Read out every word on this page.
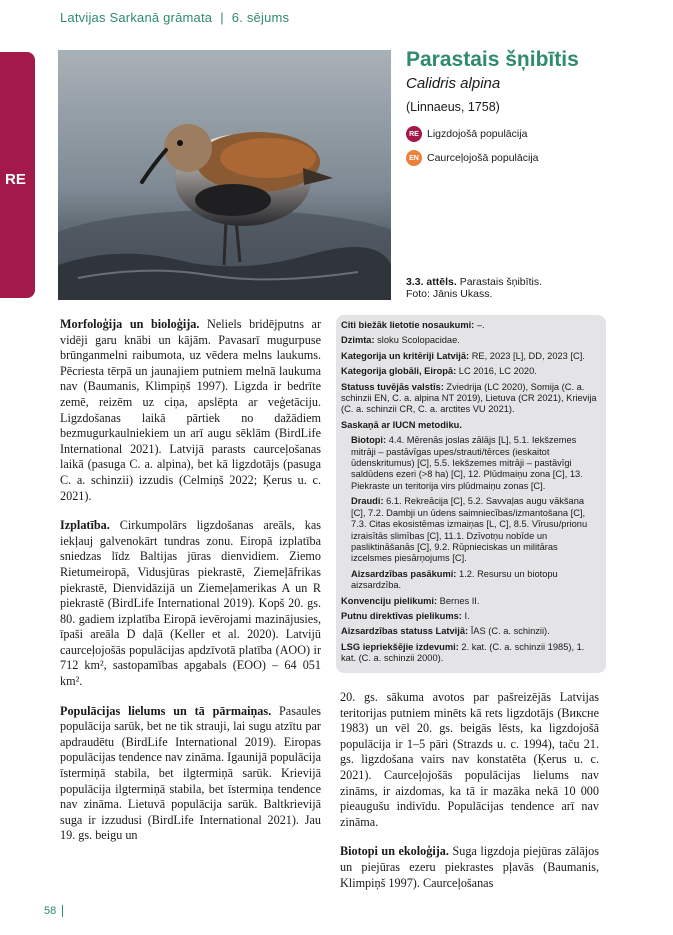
Latvijas Sarkanā grāmata | 6. sējums
RE
Parastais šņibītis
Calidris alpina
(Linnaeus, 1758)
RE Ligzdojošā populācija
EN Caurceļojošā populācija
3.3. attēls. Parastais šņibītis.
Foto: Jānis Ukass.

Morfoloģija un bioloģija. Neliels bridējputns ar vidēji garu knābi un kājām. Pavasarī mugurpuse brūnganmelni raibumota, uz vēdera melns laukums. Pēcriesta tērpā un jaunajiem putniem melnā laukuma nav (Baumanis, Klimpiņš 1997). Ligzda ir bedrīte zemē, reizēm uz ciņa, apslēpta ar veģetāciju. Ligzdošanas laikā pārtiek no dažādiem bezmugurkaulniekiem un arī augu sēklām (BirdLife International 2021). Latvijā parasts caurceļošanas laikā (pasuga C. a. alpina), bet kā ligzdotājs (pasuga C. a. schinzii) izzudis (Celmiņš 2022; Ķerus u. c. 2021).

Izplatība. Cirkumpolārs ligzdošanas areāls, kas iekļauj galvenokārt tundras zonu. Eiropā izplatība sniedzas līdz Baltijas jūras dienvidiem. Ziemo Rietumeiropā, Vidusjūras piekrastē, Ziemeļāfrikas piekrastē, Dienvidāzijā un Ziemeļamerikas A un R piekrastē (BirdLife International 2019). Kopš 20. gs. 80. gadiem izplatība Eiropā ievērojami mazinājusies, īpaši areāla D daļā (Keller et al. 2020). Latvijū caurceļojošās populācijas apdzīvotā platība (AOO) ir 712 km², sastopamības apgabals (EOO) – 64 051 km².

Populācijas lielums un tā pārmaiņas. Pasaules populācija sarūk, bet ne tik strauji, lai sugu atzītu par apdraudētu (BirdLife International 2019). Eiropas populācijas tendence nav zināma. Igaunijā populācija īstermiņā stabila, bet ilgtermiņā sarūk. Krievijā populācija ilgtermiņā stabila, bet īstermiņa tendence nav zināma. Lietuvā populācija sarūk. Baltkrievijā suga ir izzudusi (BirdLife International 2021). Jau 19. gs. beigu un

Citi biežāk lietotie nosaukumi: –.
Dzimta: sloku Scolopacidae.
Kategorija un kritēriji Latvijā: RE, 2023 [L], DD, 2023 [C].
Kategorija globāli, Eiropā: LC 2016, LC 2020.
Statuss tuvējās valstīs: Zviedrija (LC 2020), Somija (C. a. schinzii EN, C. a. alpina NT 2019), Lietuva (CR 2021), Krievija (C. a. schinzii CR, C. a. arctites VU 2021).
Saskaņā ar IUCN metodiku.
Biotopi: 4.4. Mērenās joslas zālājs [L], 5.1. Iekšzemes mitrāji – pastāvīgas upes/strauti/tērces (ieskaitot ūdenskritumus) [C], 5.5. Iekšzemes mitrāji – pastāvīgi saldūdens ezeri (>8 ha) [C], 12. Plūdmaiņu zona [C], 13. Piekraste un teritorija virs plūdmaiņu zonas [C].
Draudi: 6.1. Rekreācija [C], 5.2. Savvaļas augu vākšana [C], 7.2. Dambji un ūdens saimniecības/izmantošana [C], 7.3. Citas ekosistēmas izmaiņas [L, C], 8.5. Vīrusu/prionu izraisītās slimības [C], 11.1. Dzīvotņu nobīde un pasliktināšanās [C], 9.2. Rūpnieciskas un militāras izcelsmes piesārņojums [C].
Aizsardzības pasākumi: 1.2. Resursu un biotopu aizsardzība.
Konvenciju pielikumi: Bernes II.
Putnu direktīvas pielikums: I.
Aizsardzības statuss Latvijā: ĪAS (C. a. schinzii).
LSG iepriekšējie izdevumi: 2. kat. (C. a. schinzii 1985), 1. kat. (C. a. schinzii 2000).

20. gs. sākuma avotos par pašreizējās Latvijas teritorijas putniem minēts kā rets ligzdotājs (Викснe 1983) un vēl 20. gs. beigās lēsts, ka ligzdojošā populācija ir 1–5 pāri (Strazds u. c. 1994), taču 21. gs. ligzdošana vairs nav konstatēta (Ķerus u. c. 2021). Caurceļojošās populācijas lielums nav zināms, ir aizdomas, ka tā ir mazāka nekā 10 000 pieaugušu indivīdu. Populācijas tendence arī nav zināma.

Biotopi un ekoloģija. Suga ligzdoja piejūras zālājos un piejūras ezeru piekrastes pļavās (Baumanis, Klimpiņš 1997). Caurceļošanas

58
